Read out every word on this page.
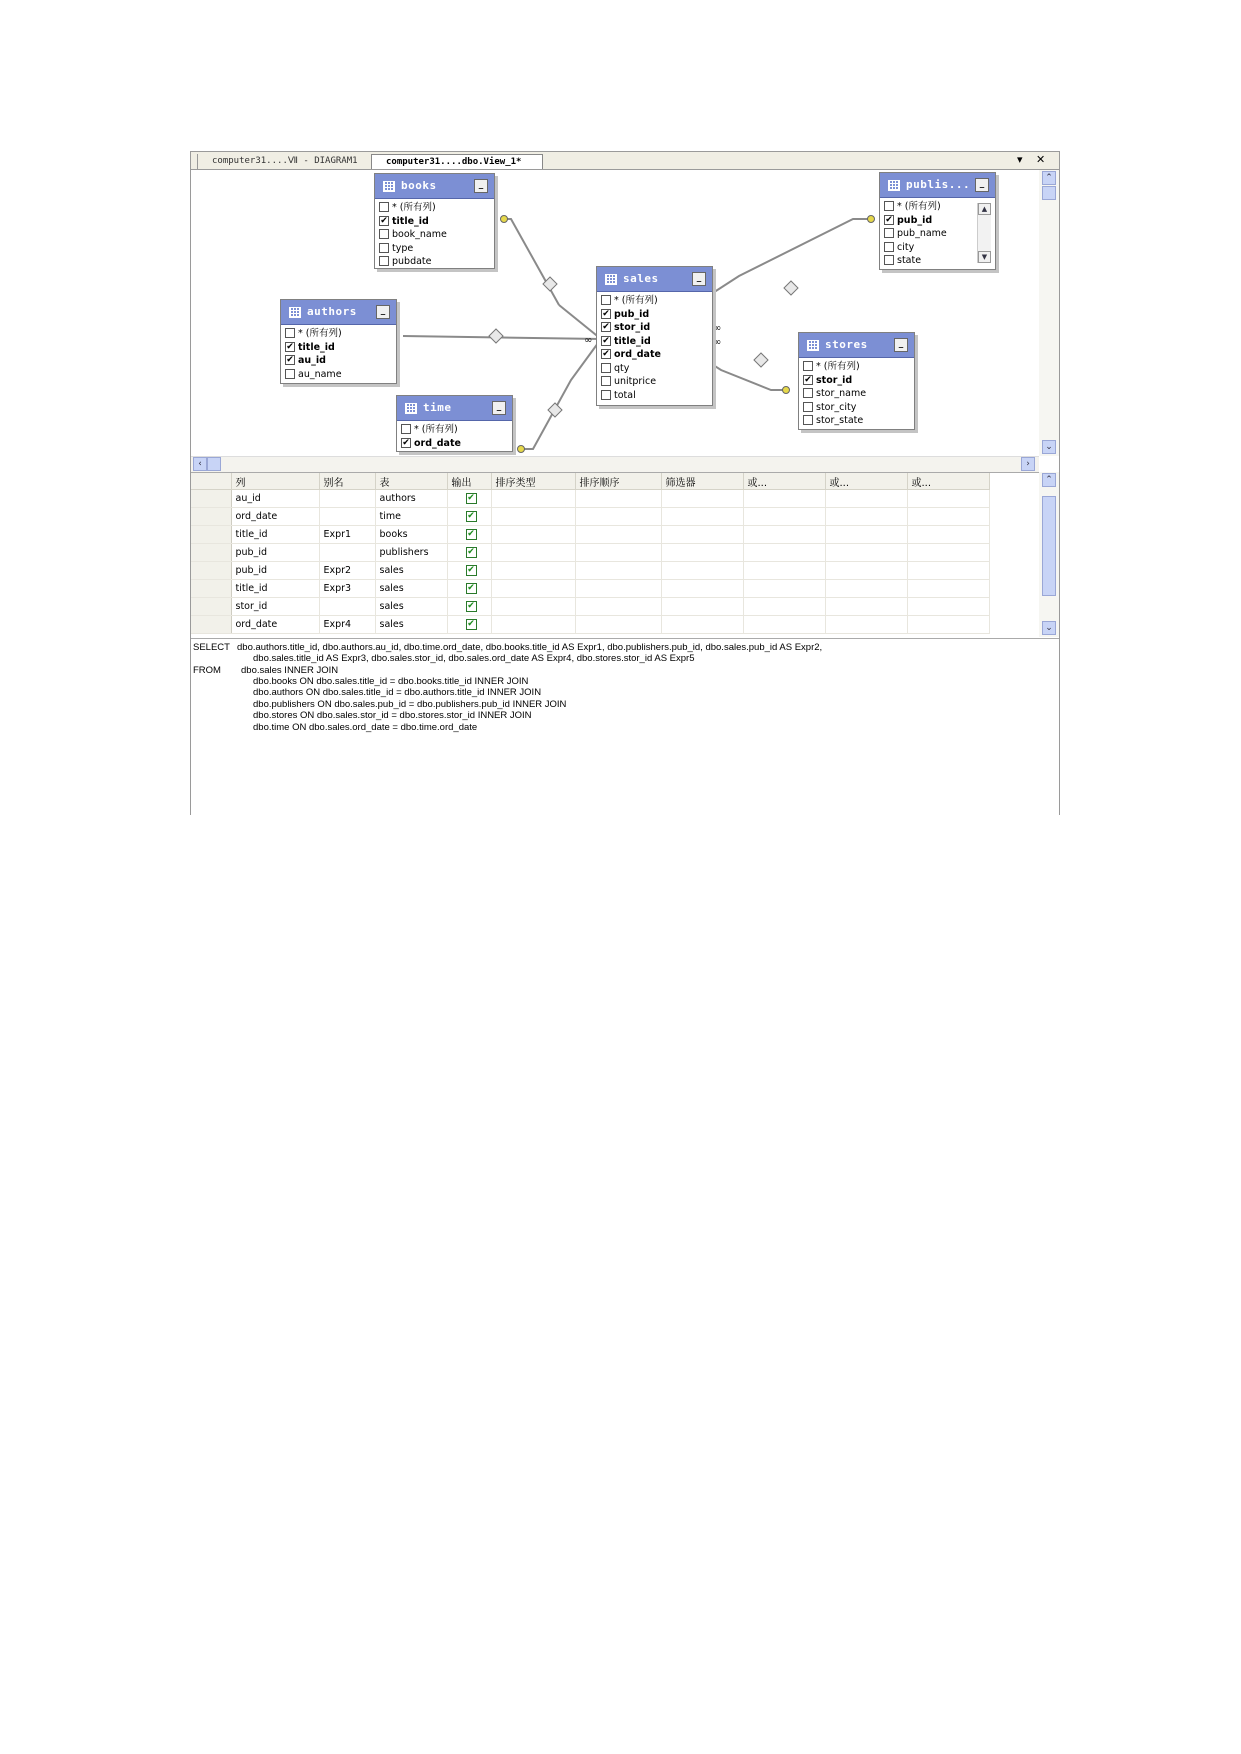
computer31....Ⅶ - DIAGRAM1	computer31....dbo.View_1*	▾ ✕
∞
∞
∞
books	_
* (所有列)
✔ title_id
book_name
type
pubdate
authors	_
* (所有列)
✔ title_id
✔ au_id
au_name
time	_
* (所有列)
✔ ord_date
sales	_
* (所有列)
✔ pub_id
✔ stor_id
✔ title_id
✔ ord_date
qty
unitprice
total
publis...	_
* (所有列)
✔ pub_id
pub_name
city
state
▲
▼
stores	_
* (所有列)
✔ stor_id
stor_name
stor_city
stor_state
⌃
⌄
‹	›
	列	别名	表	输出	排序类型	排序顺序	筛选器	或...	或...	或...
	au_id		authors	✔						
	ord_date		time	✔						
	title_id	Expr1	books	✔						
	pub_id		publishers	✔						
	pub_id	Expr2	sales	✔						
	title_id	Expr3	sales	✔						
	stor_id		sales	✔						
	ord_date	Expr4	sales	✔						
⌃
⌄
SELECT dbo.authors.title_id, dbo.authors.au_id, dbo.time.ord_date, dbo.books.title_id AS Expr1, dbo.publishers.pub_id, dbo.sales.pub_id AS Expr2,
dbo.sales.title_id AS Expr3, dbo.sales.stor_id, dbo.sales.ord_date AS Expr4, dbo.stores.stor_id AS Expr5
FROM dbo.sales INNER JOIN
dbo.books ON dbo.sales.title_id = dbo.books.title_id INNER JOIN
dbo.authors ON dbo.sales.title_id = dbo.authors.title_id INNER JOIN
dbo.publishers ON dbo.sales.pub_id = dbo.publishers.pub_id INNER JOIN
dbo.stores ON dbo.sales.stor_id = dbo.stores.stor_id INNER JOIN
dbo.time ON dbo.sales.ord_date = dbo.time.ord_date
